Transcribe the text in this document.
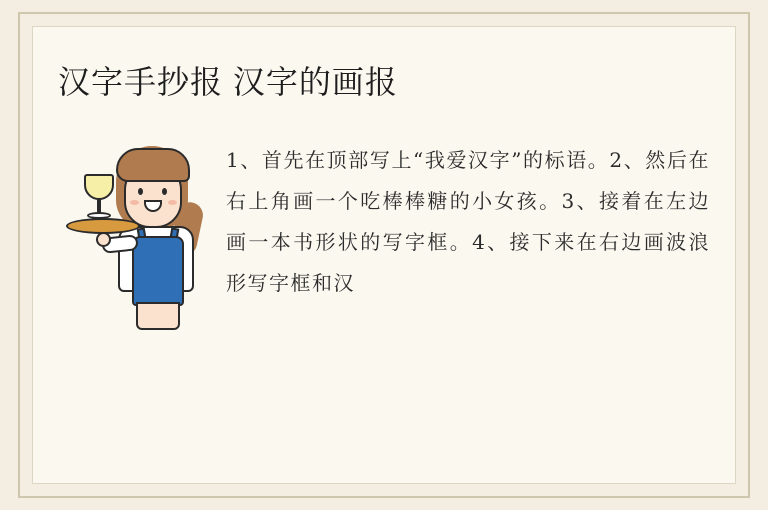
汉字手抄报 汉字的画报
1、首先在顶部写上“我爱汉字”的标语。2、然后在右上角画一个吃棒棒糖的小女孩。3、接着在左边画一本书形状的写字框。4、接下来在右边画波浪形写字框和汉
